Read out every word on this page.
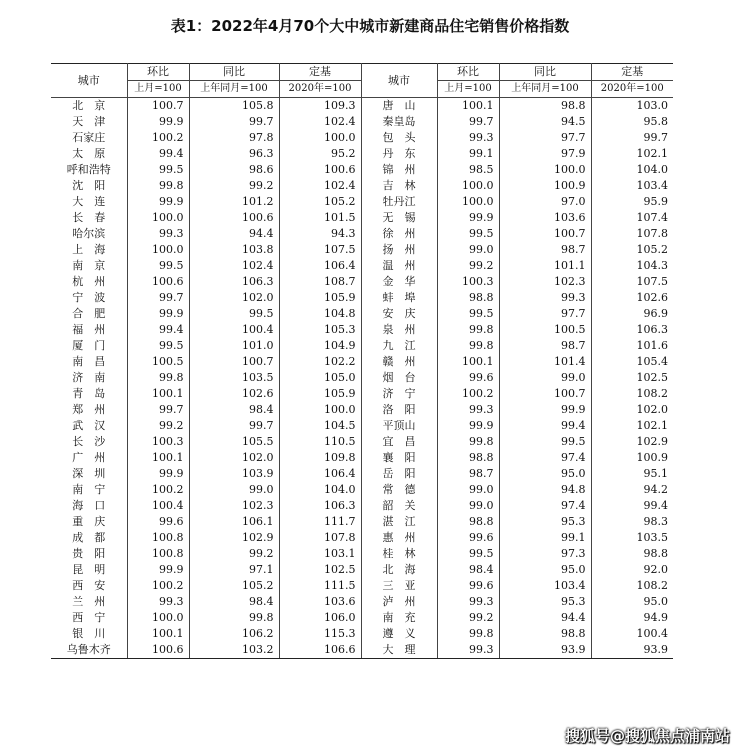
表1：2022年4月70个大中城市新建商品住宅销售价格指数
城市	环比	同比	定基	城市	环比	同比	定基
	上月=100	上年同月=100	2020年=100		上月=100	上年同月=100	2020年=100
北　京	100.7	105.8	109.3	唐　山	100.1	98.8	103.0
天　津	99.9	99.7	102.4	秦皇岛	99.7	94.5	95.8
石家庄	100.2	97.8	100.0	包　头	99.3	97.7	99.7
太　原	99.4	96.3	95.2	丹　东	99.1	97.9	102.1
呼和浩特	99.5	98.6	100.6	锦　州	98.5	100.0	104.0
沈　阳	99.8	99.2	102.4	吉　林	100.0	100.9	103.4
大　连	99.9	101.2	105.2	牡丹江	100.0	97.0	95.9
长　春	100.0	100.6	101.5	无　锡	99.9	103.6	107.4
哈尔滨	99.3	94.4	94.3	徐　州	99.5	100.7	107.8
上　海	100.0	103.8	107.5	扬　州	99.0	98.7	105.2
南　京	99.5	102.4	106.4	温　州	99.2	101.1	104.3
杭　州	100.6	106.3	108.7	金　华	100.3	102.3	107.5
宁　波	99.7	102.0	105.9	蚌　埠	98.8	99.3	102.6
合　肥	99.9	99.5	104.8	安　庆	99.5	97.7	96.9
福　州	99.4	100.4	105.3	泉　州	99.8	100.5	106.3
厦　门	99.5	101.0	104.9	九　江	99.8	98.7	101.6
南　昌	100.5	100.7	102.2	赣　州	100.1	101.4	105.4
济　南	99.8	103.5	105.0	烟　台	99.6	99.0	102.5
青　岛	100.1	102.6	105.9	济　宁	100.2	100.7	108.2
郑　州	99.7	98.4	100.0	洛　阳	99.3	99.9	102.0
武　汉	99.2	99.7	104.5	平顶山	99.9	99.4	102.1
长　沙	100.3	105.5	110.5	宜　昌	99.8	99.5	102.9
广　州	100.1	102.0	109.8	襄　阳	98.8	97.4	100.9
深　圳	99.9	103.9	106.4	岳　阳	98.7	95.0	95.1
南　宁	100.2	99.0	104.0	常　德	99.0	94.8	94.2
海　口	100.4	102.3	106.3	韶　关	99.0	97.4	99.4
重　庆	99.6	106.1	111.7	湛　江	98.8	95.3	98.3
成　都	100.8	102.9	107.8	惠　州	99.6	99.1	103.5
贵　阳	100.8	99.2	103.1	桂　林	99.5	97.3	98.8
昆　明	99.9	97.1	102.5	北　海	98.4	95.0	92.0
西　安	100.2	105.2	111.5	三　亚	99.6	103.4	108.2
兰　州	99.3	98.4	103.6	泸　州	99.3	95.3	95.0
西　宁	100.0	99.8	106.0	南　充	99.2	94.4	94.9
银　川	100.1	106.2	115.3	遵　义	99.8	98.8	100.4
乌鲁木齐	100.6	103.2	106.6	大　理	99.3	93.9	93.9
搜狐号@搜狐焦点浦南站
